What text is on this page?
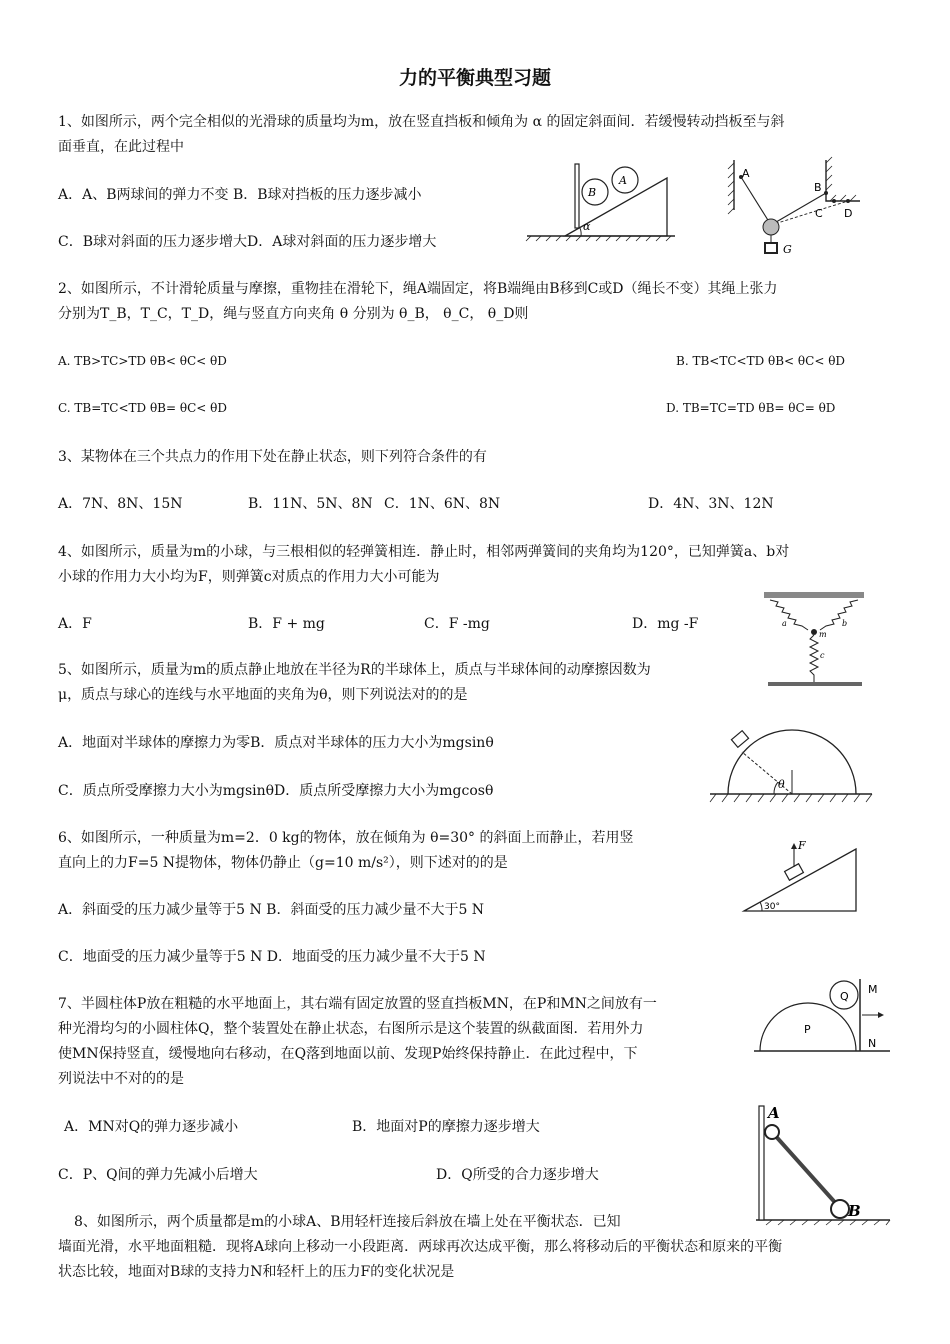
力的平衡典型习题
1、如图所示，两个完全相似的光滑球的质量均为m，放在竖直挡板和倾角为 α 的固定斜面间．若缓慢转动挡板至与斜
面垂直，在此过程中
A．A、B两球间的弹力不变 B．B球对挡板的压力逐步减小
C．B球对斜面的压力逐步增大D．A球对斜面的压力逐步增大
B
A
α
A
B
C D
G
2、如图所示，不计滑轮质量与摩擦，重物挂在滑轮下，绳A端固定，将B端绳由B移到C或D（绳长不变）其绳上张力
分别为T_B，T_C，T_D，绳与竖直方向夹角 θ 分别为 θ_B， θ_C， θ_D则
A. TB>TC>TD θB< θC< θD	B. TB<TC<TD θB< θC< θD
C. TB=TC<TD θB= θC< θD	D. TB=TC=TD θB= θC= θD
3、某物体在三个共点力的作用下处在静止状态，则下列符合条件的有
A．7N、8N、15N	B．11N、5N、8N C．1N、6N、8N	D．4N、3N、12N
4、如图所示，质量为m的小球，与三根相似的轻弹簧相连．静止时，相邻两弹簧间的夹角均为120°，已知弹簧a、b对
小球的作用力大小均为F，则弹簧c对质点的作用力大小可能为
A．F	B．F + mg	C．F -mg	D．mg -F	a	b
m
c
5、如图所示，质量为m的质点静止地放在半径为R的半球体上，质点与半球体间的动摩擦因数为
μ，质点与球心的连线与水平地面的夹角为θ，则下列说法对的的是
A．地面对半球体的摩擦力为零B．质点对半球体的压力大小为mgsinθ
C．质点所受摩擦力大小为mgsinθD．质点所受摩擦力大小为mgcosθ	θ
6、如图所示，一种质量为m=2．0 kg的物体，放在倾角为 θ=30° 的斜面上而静止，若用竖
直向上的力F=5 N提物体，物体仍静止（g=10 m/s²），则下述对的的是
A．斜面受的压力减少量等于5 N B．斜面受的压力减少量不大于5 N
C．地面受的压力减少量等于5 N D．地面受的压力减少量不大于5 N
F
30°
7、半圆柱体P放在粗糙的水平地面上，其右端有固定放置的竖直挡板MN，在P和MN之间放有一
种光滑均匀的小圆柱体Q，整个装置处在静止状态，右图所示是这个装置的纵截面图．若用外力
使MN保持竖直，缓慢地向右移动，在Q落到地面以前、发现P始终保持静止．在此过程中，下
列说法中不对的的是
A．MN对Q的弹力逐步减小	B．地面对P的摩擦力逐步增大
C．P、Q间的弹力先减小后增大	D．Q所受的合力逐步增大
Q
P
M
N
8、如图所示，两个质量都是m的小球A、B用轻杆连接后斜放在墙上处在平衡状态．已知
墙面光滑，水平地面粗糙．现将A球向上移动一小段距离．两球再次达成平衡，那么将移动后的平衡状态和原来的平衡
状态比较，地面对B球的支持力N和轻杆上的压力F的变化状况是
A
B
